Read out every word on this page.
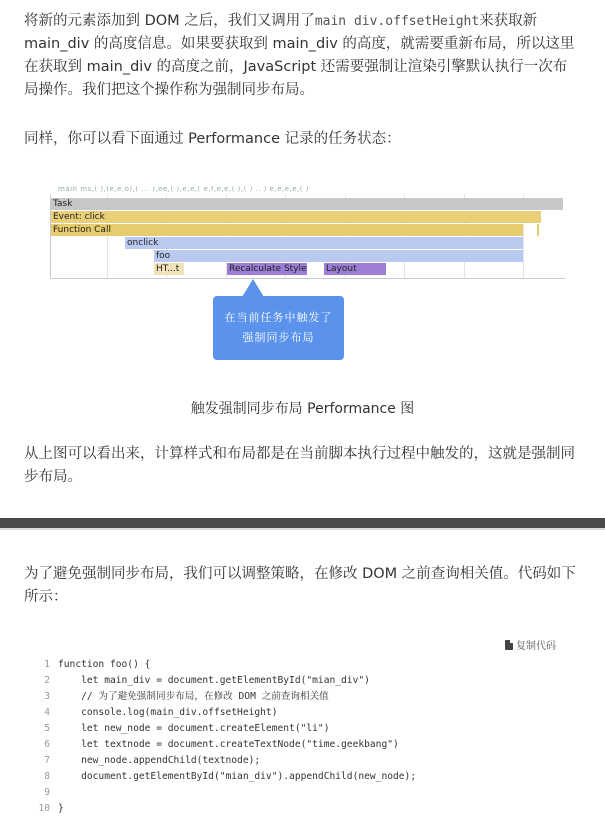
将新的元素添加到 DOM 之后，我们又调用了main div.offsetHeight来获取新 main_div 的高度信息。如果要获取到 main_div 的高度，就需要重新布局，所以这里在获取到 main_div 的高度之前，JavaScript 还需要强制让渲染引擎默认执行一次布局操作。我们把这个操作称为强制同步布局。

同样，你可以看下面通过 Performance 记录的任务状态：

main ms,( ),(e,e,o),( ... ),ee,( ),e,e,( e,f,e,e,( ),( ) .. ) e,e,e,e,( )
Task
Event: click
Function Call
onclick
foo
HT...t	Recalculate Style Layout
在当前任务中触发了
强制同步布局
触发强制同步布局 Performance 图

从上图可以看出来，计算样式和布局都是在当前脚本执行过程中触发的，这就是强制同步布局。

为了避免强制同步布局，我们可以调整策略，在修改 DOM 之前查询相关值。代码如下所示：

复制代码
1 function foo() {
2 let main_div = document.getElementById("mian_div")
3 // 为了避免强制同步布局，在修改 DOM 之前查询相关值
4 console.log(main_div.offsetHeight)
5 let new_node = document.createElement("li")
6 let textnode = document.createTextNode("time.geekbang")
7 new_node.appendChild(textnode);
8 document.getElementById("mian_div").appendChild(new_node);
9
10 }
